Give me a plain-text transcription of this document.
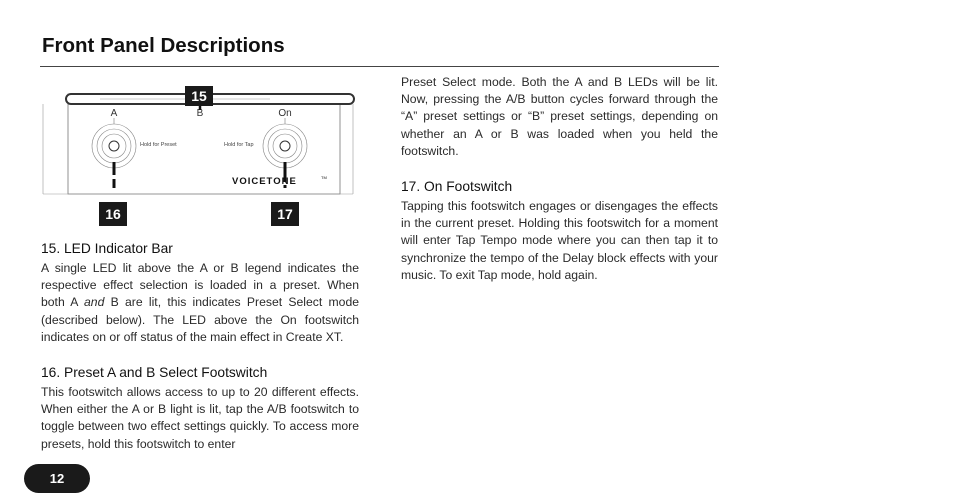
Front Panel Descriptions
A	B	On
Hold for Preset	Hold for Tap
VOICETONE	TM
15
16	17
15. LED Indicator Bar

A single LED lit above the A or B legend indicates the respective effect selection is loaded in a preset. When both A and B are lit, this indicates Preset Select mode (described below). The LED above the On footswitch indicates on or off status of the main effect in Create XT.

16. Preset A and B Select Footswitch

This footswitch allows access to up to 20 different effects. When either the A or B light is lit, tap the A/B footswitch to toggle between two effect settings quickly. To access more presets, hold this footswitch to enter

Preset Select mode. Both the A and B LEDs will be lit. Now, pressing the A/B button cycles forward through the “A” preset settings or “B” preset settings, depending on whether an A or B was loaded when you held the footswitch.

17. On Footswitch

Tapping this footswitch engages or disengages the effects in the current preset. Holding this footswitch for a moment will enter Tap Tempo mode where you can then tap it to synchronize the tempo of the Delay block effects with your music. To exit Tap mode, hold again.

12
